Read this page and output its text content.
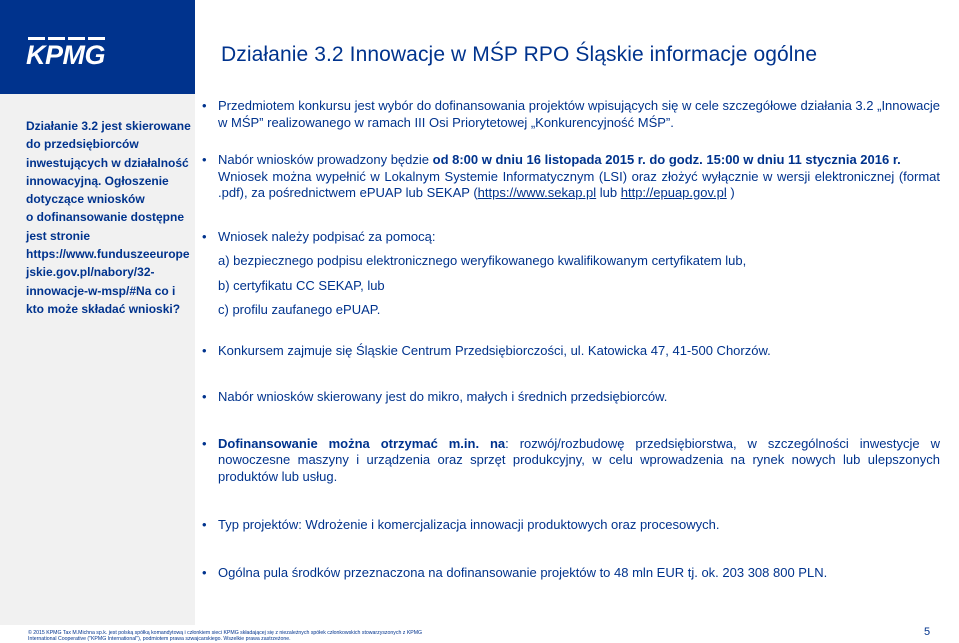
KPMG
Działanie 3.2 jest skierowane
do przedsiębiorców
inwestujących w działalność
innowacyjną. Ogłoszenie
dotyczące wniosków
o dofinansowanie dostępne
jest stronie
https://www.funduszeeurope
jskie.gov.pl/nabory/32-
innowacje-w-msp/#Na co i
kto może składać wnioski?
Działanie 3.2 Innowacje w MŚP RPO Śląskie informacje ogólne
• Przedmiotem konkursu jest wybór do dofinansowania projektów wpisujących się w cele szczegółowe działania 3.2 „Innowacje w MŚP” realizowanego w ramach III Osi Priorytetowej „Konkurencyjność MŚP”.
• Nabór wniosków prowadzony będzie od 8:00 w dniu 16 listopada 2015 r. do godz. 15:00 w dniu 11 stycznia 2016 r.
Wniosek można wypełnić w Lokalnym Systemie Informatycznym (LSI) oraz złożyć wyłącznie w wersji elektronicznej (format .pdf), za pośrednictwem ePUAP lub SEKAP (https://www.sekap.pl lub http://epuap.gov.pl )
• Wniosek należy podpisać za pomocą:
a) bezpiecznego podpisu elektronicznego weryfikowanego kwalifikowanym certyfikatem lub,
b) certyfikatu CC SEKAP, lub
c) profilu zaufanego ePUAP.
• Konkursem zajmuje się Śląskie Centrum Przedsiębiorczości, ul. Katowicka 47, 41-500 Chorzów.
• Nabór wniosków skierowany jest do mikro, małych i średnich przedsiębiorców.
• Dofinansowanie można otrzymać m.in. na: rozwój/rozbudowę przedsiębiorstwa, w szczególności inwestycje w nowoczesne maszyny i urządzenia oraz sprzęt produkcyjny, w celu wprowadzenia na rynek nowych lub ulepszonych produktów lub usług.
• Typ projektów: Wdrożenie i komercjalizacja innowacji produktowych oraz procesowych.
• Ogólna pula środków przeznaczona na dofinansowanie projektów to 48 mln EUR tj. ok. 203 308 800 PLN.
© 2015 KPMG Tax M.Michna sp.k. jest polską spółką komandytową i członkiem sieci KPMG składającej się z niezależnych spółek członkowskich stowarzyszonych z KPMG
International Cooperative ("KPMG International"), podmiotem prawa szwajcarskiego. Wszelkie prawa zastrzeżone.
5
